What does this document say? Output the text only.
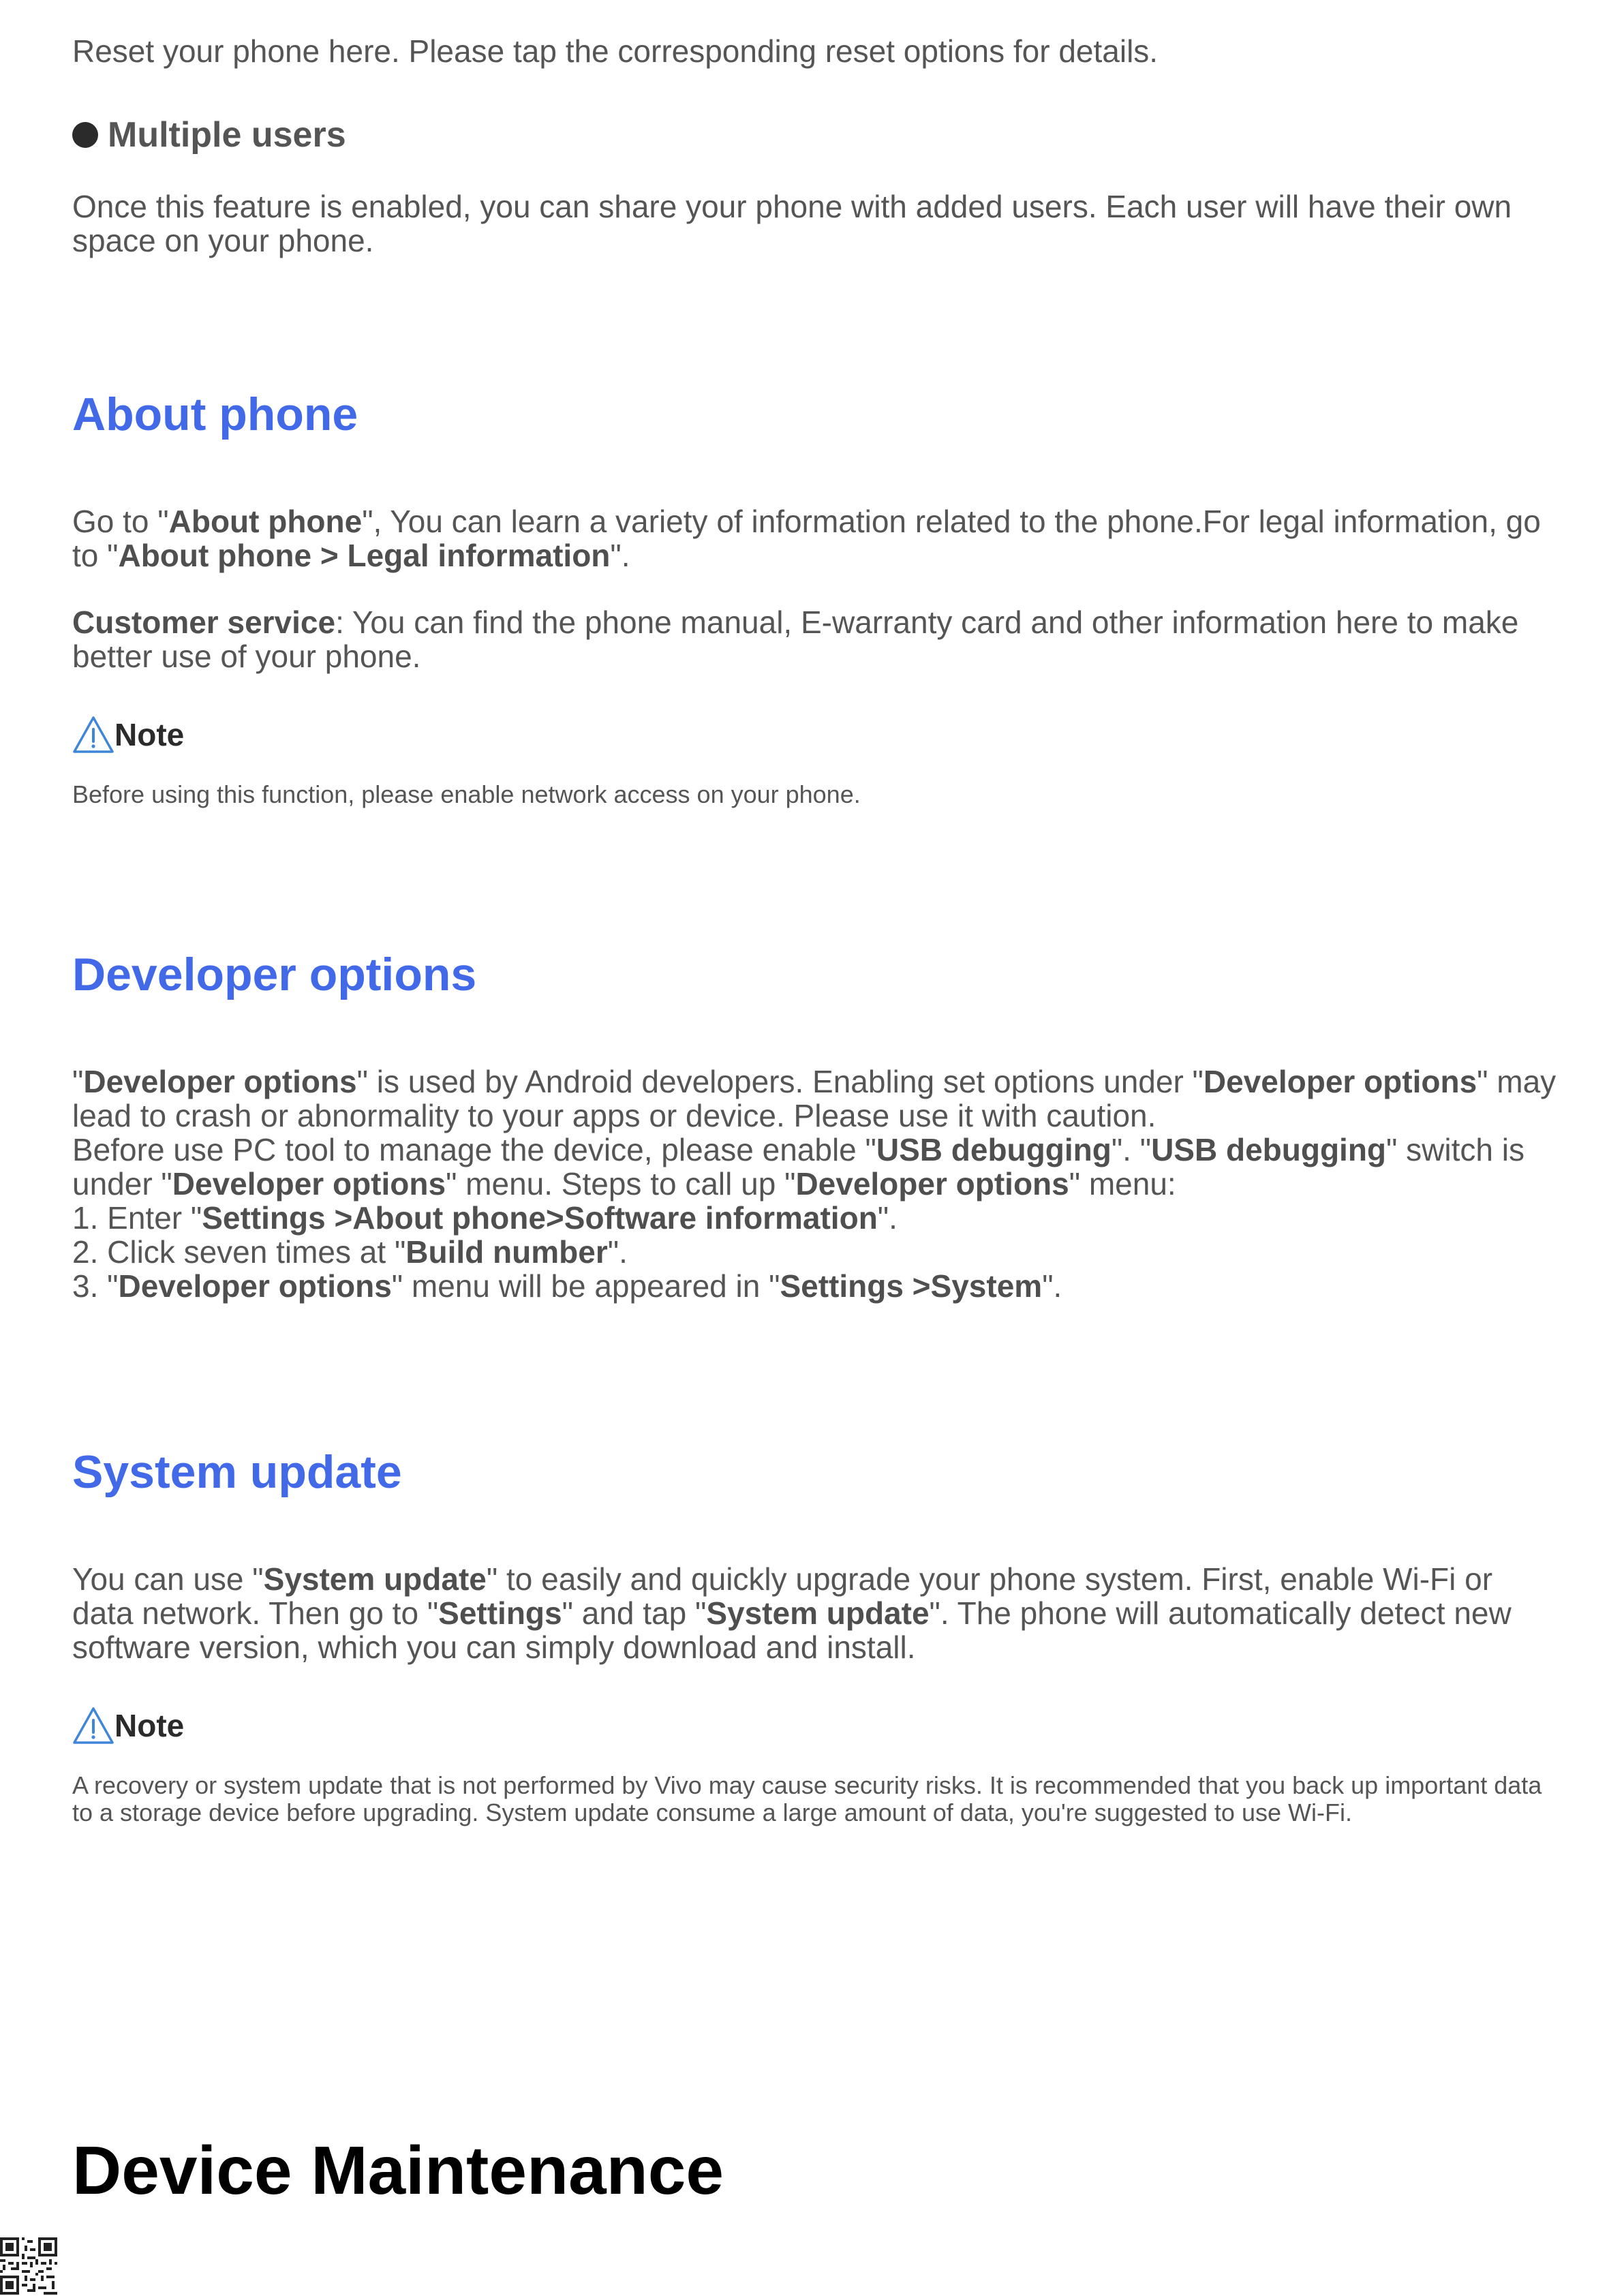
Reset your phone here. Please tap the corresponding reset options for details.

Multiple users

Once this feature is enabled, you can share your phone with added users. Each user will have their own space on your phone.

About phone

Go to "About phone", You can learn a variety of information related to the phone.For legal information, go to "About phone > Legal information".

Customer service: You can find the phone manual, E-warranty card and other information here to make better use of your phone.

Note

Before using this function, please enable network access on your phone.

Developer options

"Developer options" is used by Android developers. Enabling set options under "Developer options" may lead to crash or abnormality to your apps or device. Please use it with caution.
Before use PC tool to manage the device, please enable "USB debugging". "USB debugging" switch is under "Developer options" menu. Steps to call up "Developer options" menu:
1. Enter "Settings >About phone>Software information".
2. Click seven times at "Build number".
3. "Developer options" menu will be appeared in "Settings >System".

System update

You can use "System update" to easily and quickly upgrade your phone system. First, enable Wi-Fi or data network. Then go to "Settings" and tap "System update". The phone will automatically detect new software version, which you can simply download and install.

Note

A recovery or system update that is not performed by Vivo may cause security risks. It is recommended that you back up important data to a storage device before upgrading. System update consume a large amount of data, you're suggested to use Wi-Fi.

Device Maintenance
